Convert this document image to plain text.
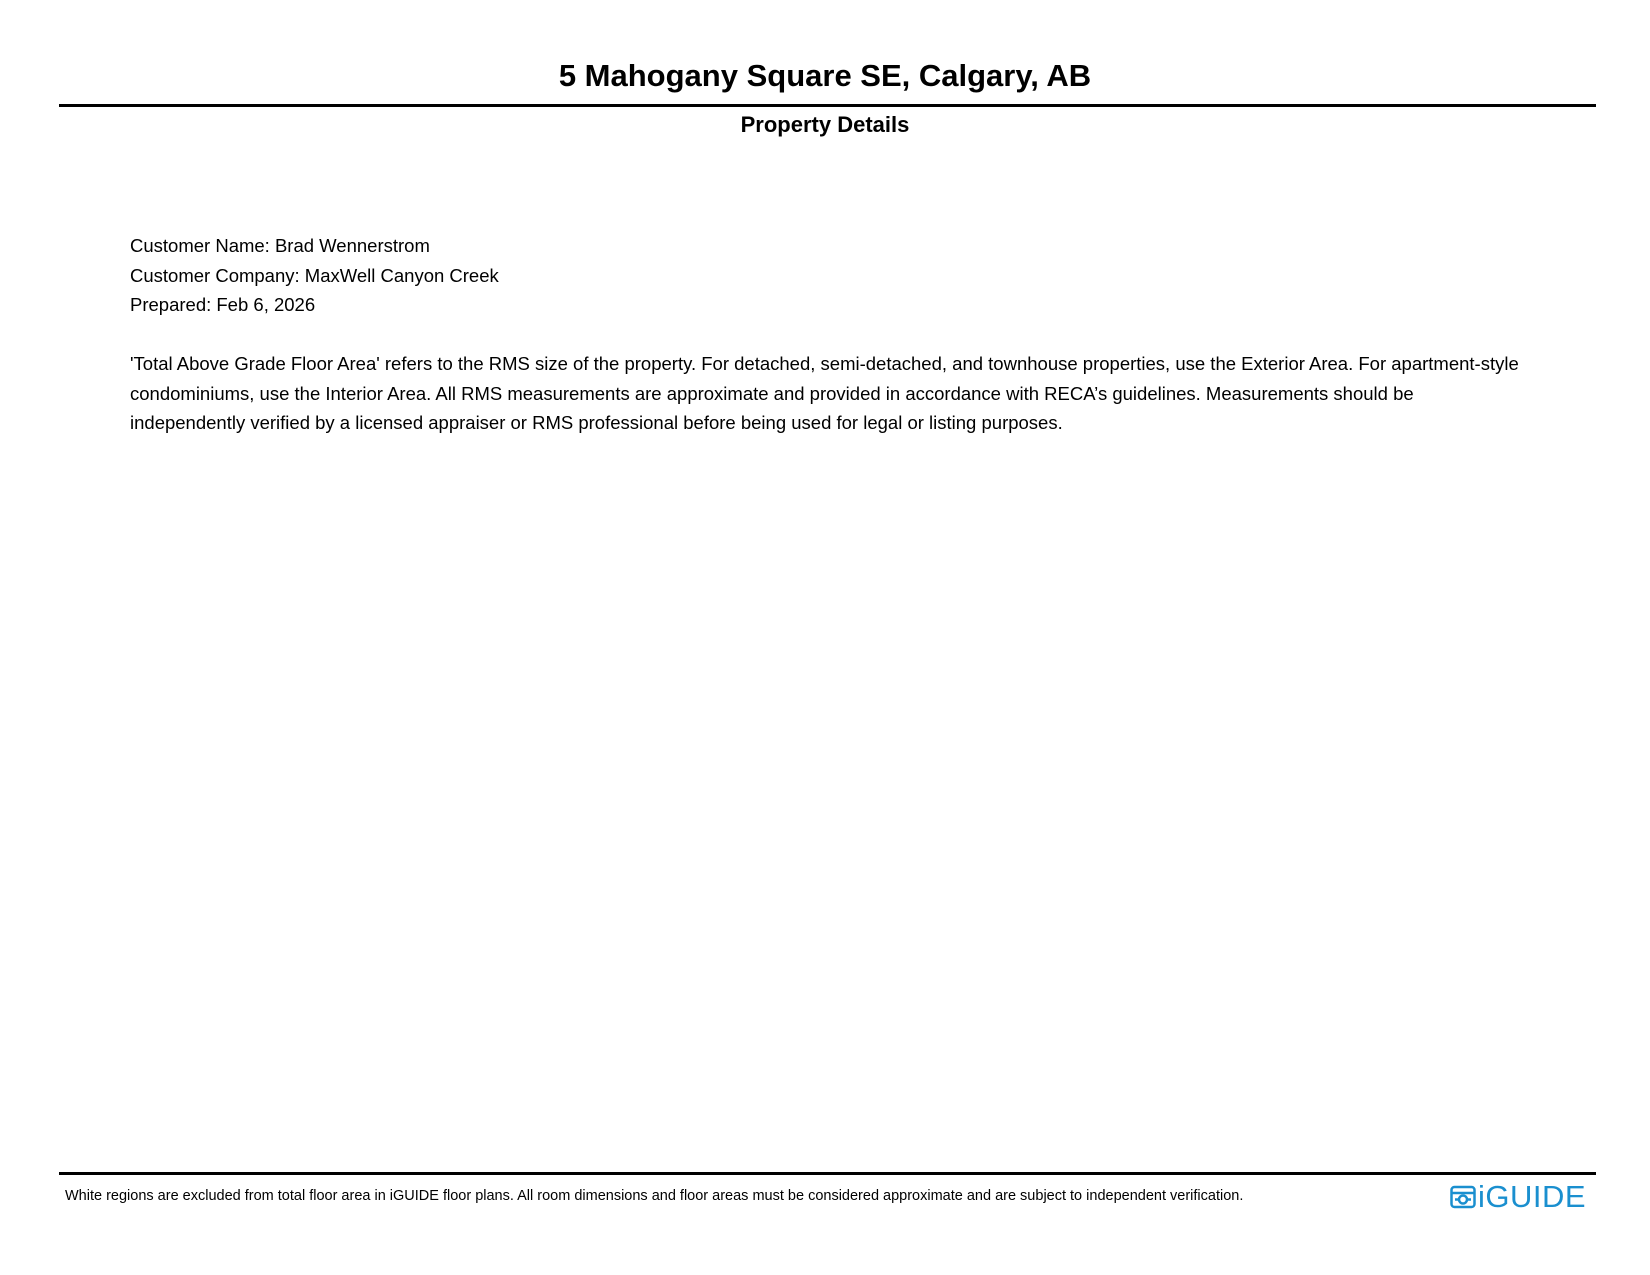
5 Mahogany Square SE, Calgary, AB
Property Details
Customer Name: Brad Wennerstrom
Customer Company: MaxWell Canyon Creek
Prepared: Feb 6, 2026

'Total Above Grade Floor Area' refers to the RMS size of the property. For detached, semi-detached, and townhouse properties, use the Exterior Area. For apartment-style condominiums, use the Interior Area. All RMS measurements are approximate and provided in accordance with RECA’s guidelines. Measurements should be independently verified by a licensed appraiser or RMS professional before being used for legal or listing purposes.

White regions are excluded from total floor area in iGUIDE floor plans. All room dimensions and floor areas must be considered approximate and are subject to independent verification.	iGUIDE
